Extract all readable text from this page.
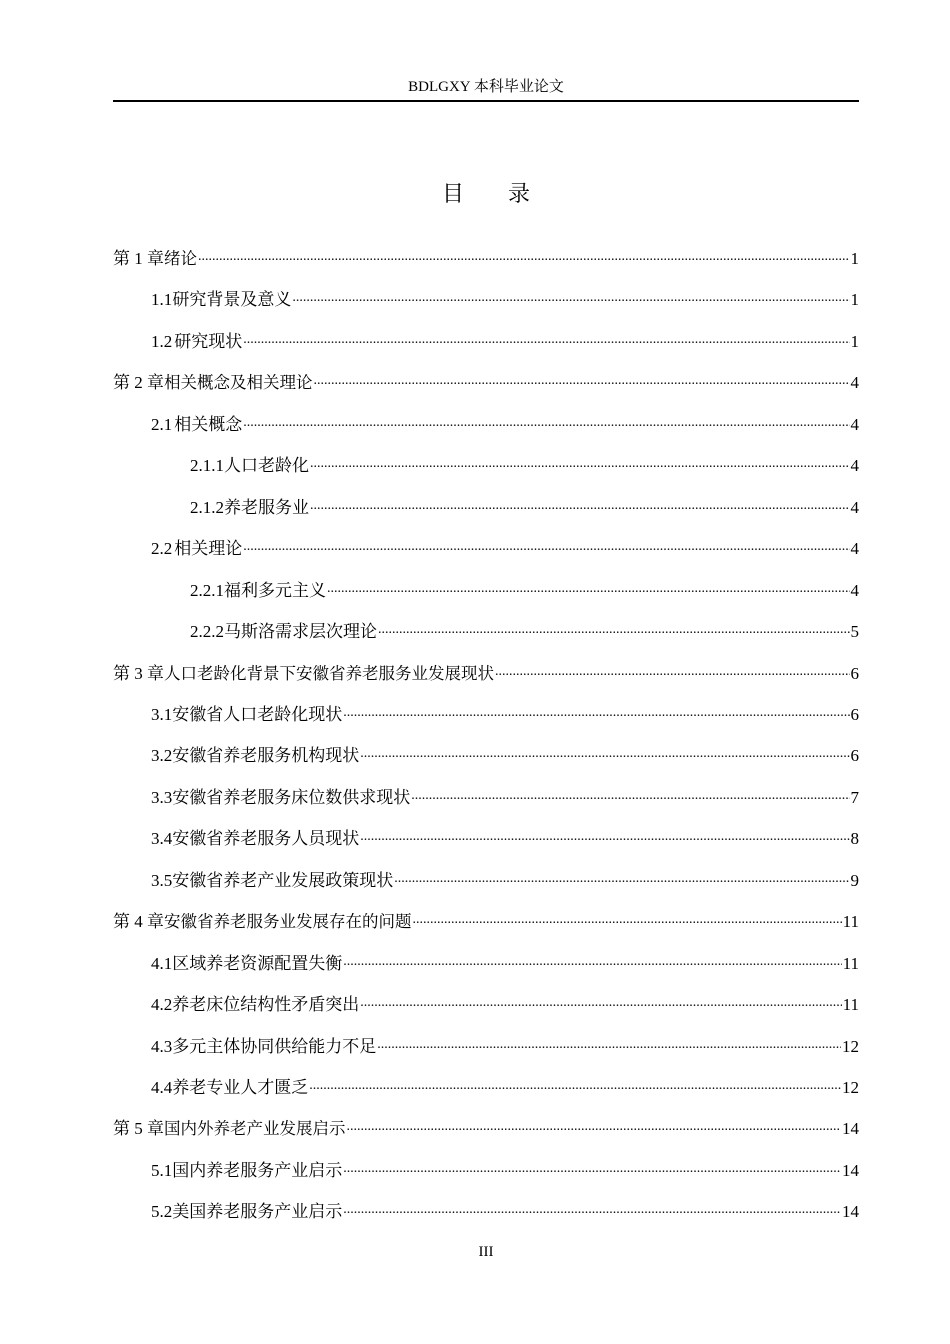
BDLGXY 本科毕业论文
目 录
第 1 章 绪论 .....	1
1.1 研究背景及意义 .....	1
1.2 研究现状 .....	1
第 2 章 相关概念及相关理论 .....	4
2.1 相关概念 .....	4
2.1.1 人口老龄化 .....	4
2.1.2 养老服务业 .....	4
2.2 相关理论 .....	4
2.2.1 福利多元主义 .....	4
2.2.2 马斯洛需求层次理论 .....	5
第 3 章 人口老龄化背景下安徽省养老服务业发展现状 .....	6
3.1 安徽省人口老龄化现状 .....	6
3.2 安徽省养老服务机构现状 .....	6
3.3 安徽省养老服务床位数供求现状 .....	7
3.4 安徽省养老服务人员现状 .....	8
3.5 安徽省养老产业发展政策现状 .....	9
第 4 章 安徽省养老服务业发展存在的问题 .....	11
4.1 区域养老资源配置失衡 .....	11
4.2 养老床位结构性矛盾突出 .....	11
4.3 多元主体协同供给能力不足 .....	12
4.4 养老专业人才匮乏 .....	12
第 5 章 国内外养老产业发展启示 .....	14
5.1 国内养老服务产业启示 .....	14
5.2 美国养老服务产业启示 .....	14
III
